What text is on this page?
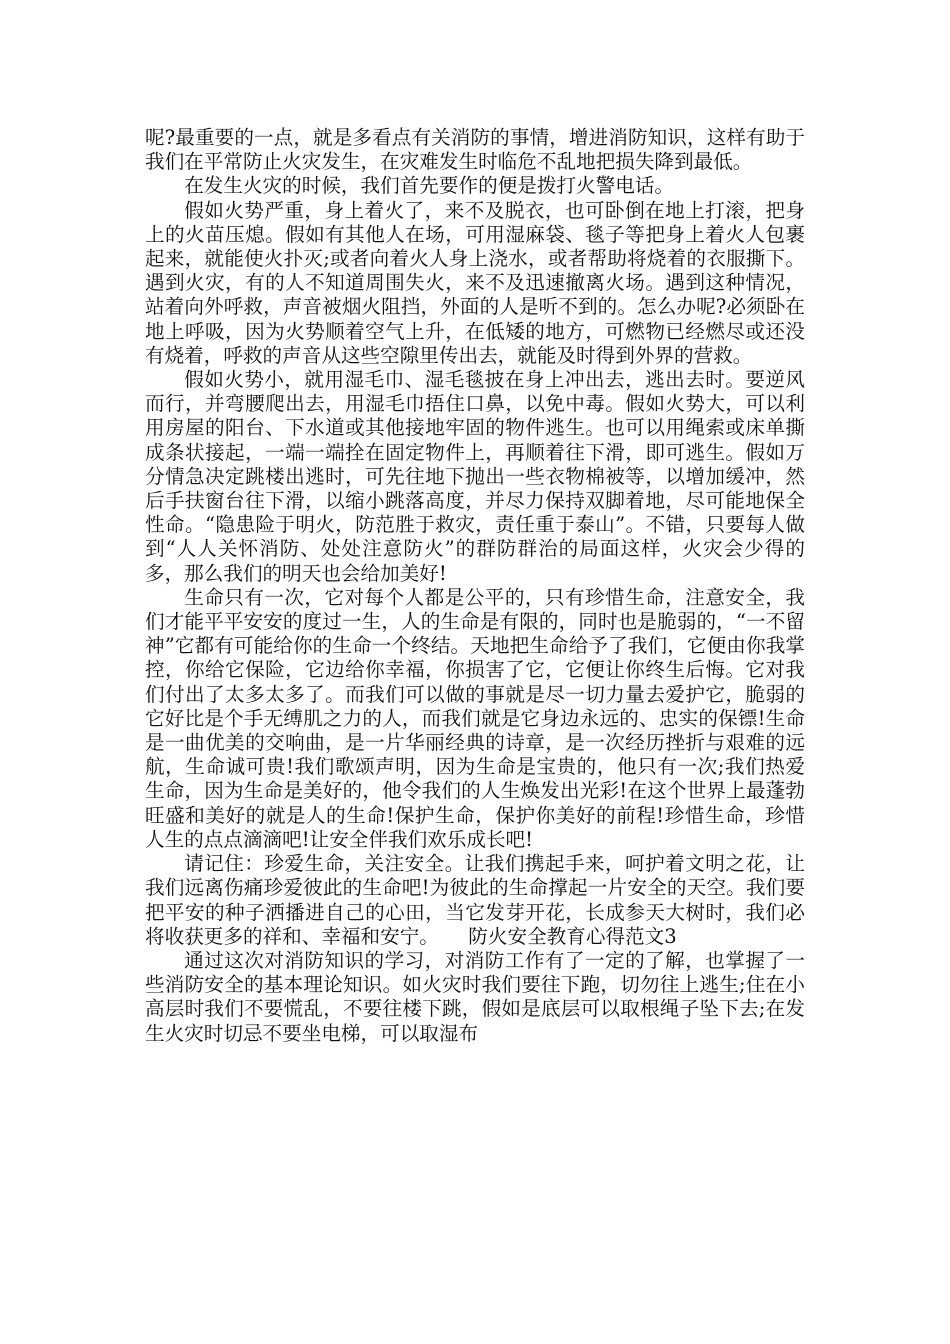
呢?最重要的一点，就是多看点有关消防的事情，增进消防知识，这样有助于我们在平常防止火灾发生，在灾难发生时临危不乱地把损失降到最低。

在发生火灾的时候，我们首先要作的便是拨打火警电话。

假如火势严重，身上着火了，来不及脱衣，也可卧倒在地上打滚，把身上的火苗压熄。假如有其他人在场，可用湿麻袋、毯子等把身上着火人包裹起来，就能使火扑灭;或者向着火人身上浇水，或者帮助将烧着的衣服撕下。遇到火灾，有的人不知道周围失火，来不及迅速撤离火场。遇到这种情况，站着向外呼救，声音被烟火阻挡，外面的人是听不到的。怎么办呢?必须卧在地上呼吸，因为火势顺着空气上升，在低矮的地方，可燃物已经燃尽或还没有烧着，呼救的声音从这些空隙里传出去，就能及时得到外界的营救。

假如火势小，就用湿毛巾、湿毛毯披在身上冲出去，逃出去时。要逆风而行，并弯腰爬出去，用湿毛巾捂住口鼻，以免中毒。假如火势大，可以利用房屋的阳台、下水道或其他接地牢固的物件逃生。也可以用绳索或床单撕成条状接起，一端一端拴在固定物件上，再顺着往下滑，即可逃生。假如万分情急决定跳楼出逃时，可先往地下抛出一些衣物棉被等，以增加缓冲，然后手扶窗台往下滑，以缩小跳落高度，并尽力保持双脚着地，尽可能地保全性命。“隐患险于明火，防范胜于救灾，责任重于泰山”。不错，只要每人做到“人人关怀消防、处处注意防火”的群防群治的局面这样，火灾会少得的多，那么我们的明天也会给加美好!

生命只有一次，它对每个人都是公平的，只有珍惜生命，注意安全，我们才能平平安安的度过一生，人的生命是有限的，同时也是脆弱的，“一不留神”它都有可能给你的生命一个终结。天地把生命给予了我们，它便由你我掌控，你给它保险，它边给你幸福，你损害了它，它便让你终生后悔。它对我们付出了太多太多了。而我们可以做的事就是尽一切力量去爱护它，脆弱的它好比是个手无缚肌之力的人，而我们就是它身边永远的、忠实的保镖!生命是一曲优美的交响曲，是一片华丽经典的诗章，是一次经历挫折与艰难的远航，生命诚可贵!我们歌颂声明，因为生命是宝贵的，他只有一次;我们热爱生命，因为生命是美好的，他令我们的人生焕发出光彩!在这个世界上最蓬勃旺盛和美好的就是人的生命!保护生命，保护你美好的前程!珍惜生命，珍惜人生的点点滴滴吧!让安全伴我们欢乐成长吧!

请记住：珍爱生命，关注安全。让我们携起手来，呵护着文明之花，让我们远离伤痛珍爱彼此的生命吧!为彼此的生命撑起一片安全的天空。我们要把平安的种子洒播进自己的心田，当它发芽开花，长成参天大树时，我们必将收获更多的祥和、幸福和安宁。　　防火安全教育心得范文3

通过这次对消防知识的学习，对消防工作有了一定的了解，也掌握了一些消防安全的基本理论知识。如火灾时我们要往下跑，切勿往上逃生;住在小高层时我们不要慌乱，不要往楼下跳，假如是底层可以取根绳子坠下去;在发生火灾时切忌不要坐电梯，可以取湿布
